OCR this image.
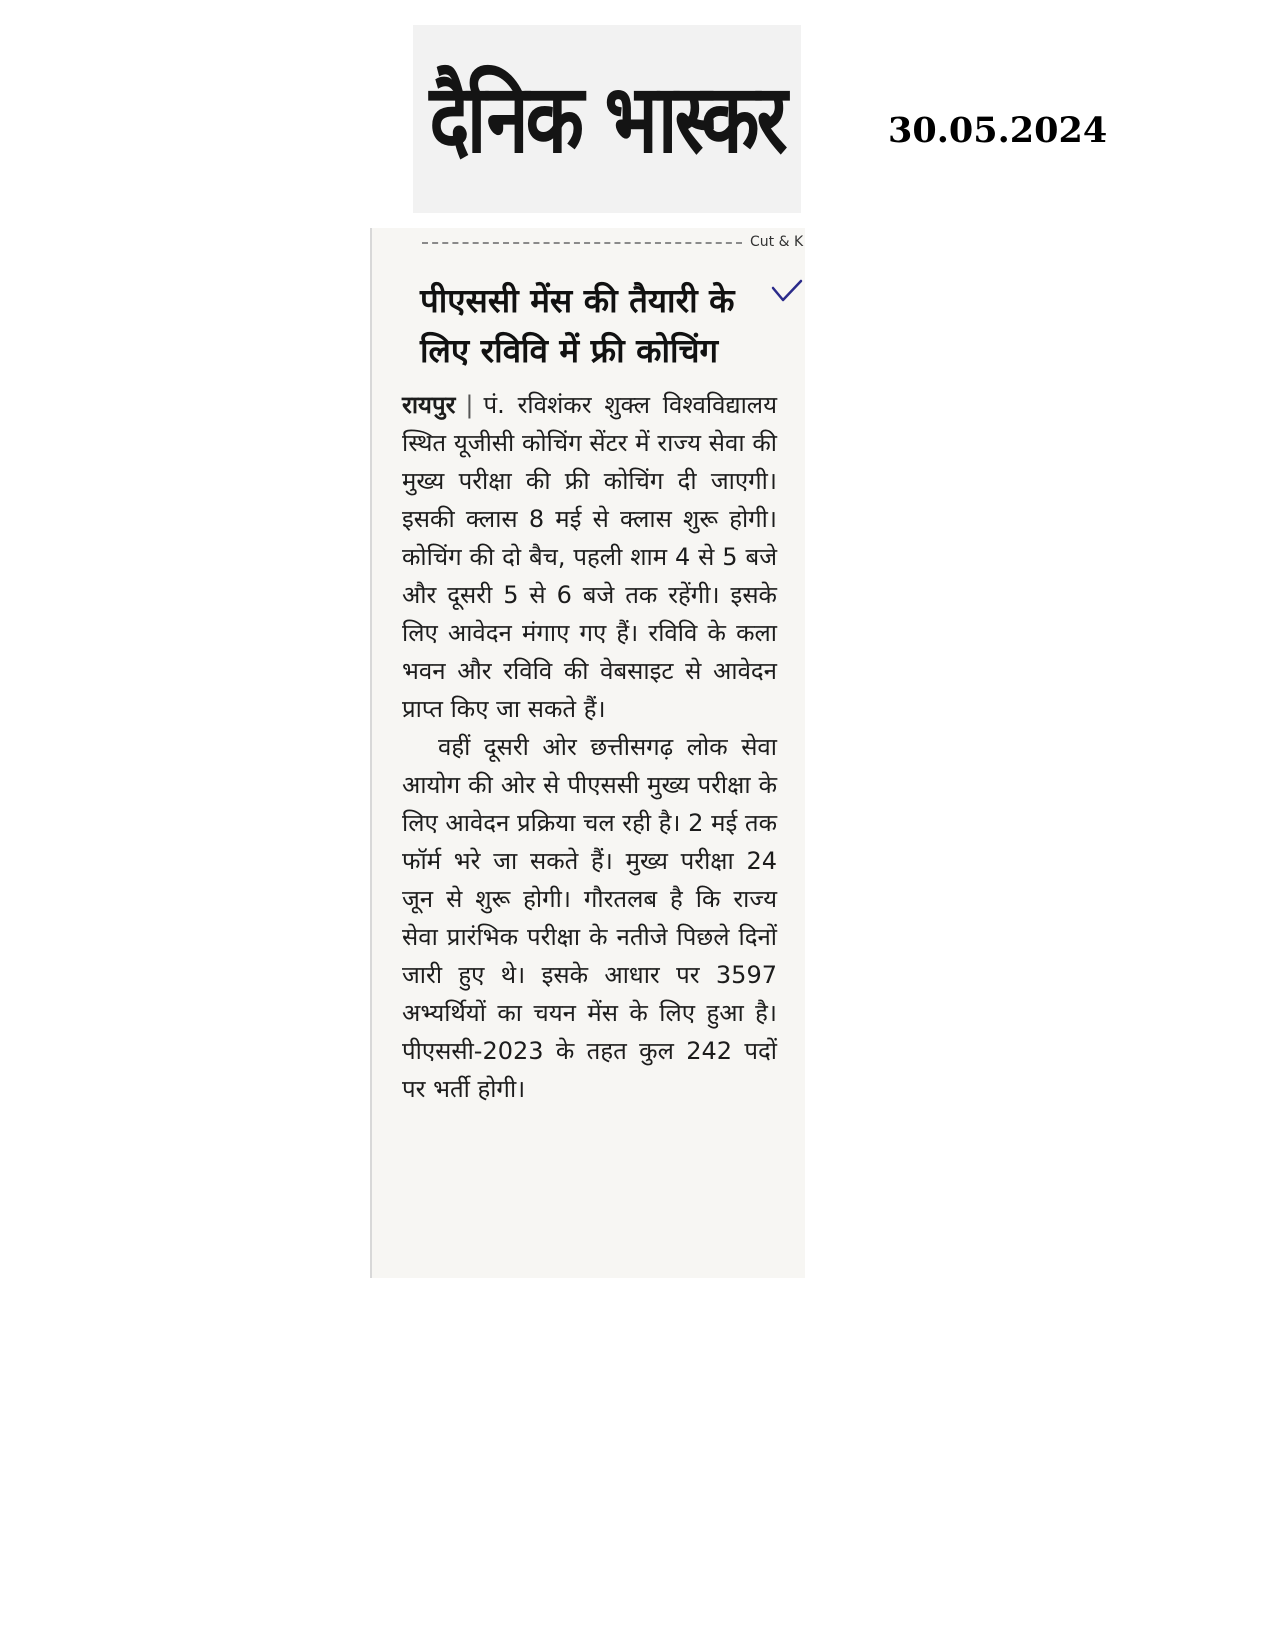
दैनिक भास्कर	30.05.2024
Cut & K
पीएससी मेंस की तैयारी के लिए रविवि में फ्री कोचिंग

रायपुर | पं. रविशंकर शुक्ल विश्वविद्यालय स्थित यूजीसी कोचिंग सेंटर में राज्य सेवा की मुख्य परीक्षा की फ्री कोचिंग दी जाएगी। इसकी क्लास 8 मई से क्लास शुरू होगी। कोचिंग की दो बैच, पहली शाम 4 से 5 बजे और दूसरी 5 से 6 बजे तक रहेंगी। इसके लिए आवेदन मंगाए गए हैं। रविवि के कला भवन और रविवि की वेबसाइट से आवेदन प्राप्त किए जा सकते हैं।

वहीं दूसरी ओर छत्तीसगढ़ लोक सेवा आयोग की ओर से पीएससी मुख्य परीक्षा के लिए आवेदन प्रक्रिया चल रही है। 2 मई तक फॉर्म भरे जा सकते हैं। मुख्य परीक्षा 24 जून से शुरू होगी। गौरतलब है कि राज्य सेवा प्रारंभिक परीक्षा के नतीजे पिछले दिनों जारी हुए थे। इसके आधार पर 3597 अभ्यर्थियों का चयन मेंस के लिए हुआ है। पीएससी-2023 के तहत कुल 242 पदों पर भर्ती होगी।
